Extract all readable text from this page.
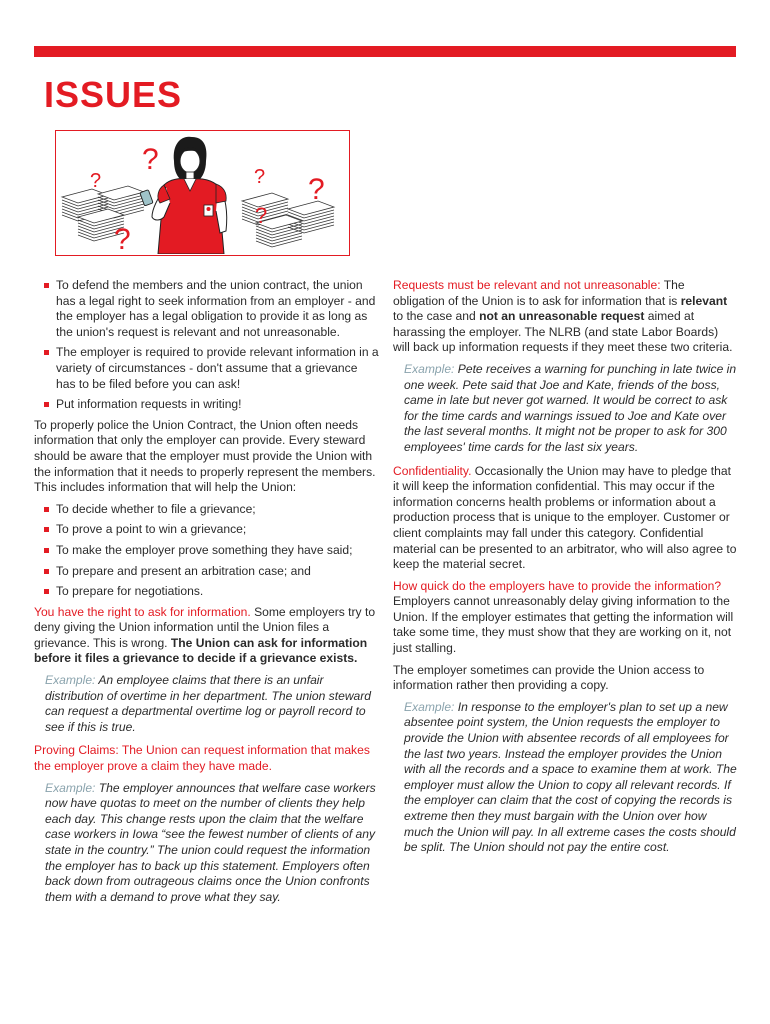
ISSUES
?
?
?
? ?
?
To defend the members and the union contract, the union has a legal right to seek information from an employer - and the employer has a legal obligation to provide it as long as the union's request is relevant and not unreasonable.
The employer is required to provide relevant information in a variety of circumstances - don't assume that a grievance has to be filed before you can ask!
Put information requests in writing!

To properly police the Union Contract, the Union often needs information that only the employer can provide. Every steward should be aware that the employer must provide the Union with the information that it needs to properly represent the members. This includes information that will help the Union:

To decide whether to file a grievance;
To prove a point to win a grievance;
To make the employer prove something they have said;
To prepare and present an arbitration case; and
To prepare for negotiations.

You have the right to ask for information. Some employers try to deny giving the Union information until the Union files a grievance. This is wrong. The Union can ask for information before it files a grievance to decide if a grievance exists.

Example: An employee claims that there is an unfair distribution of overtime in her department. The union steward can request a departmental overtime log or payroll record to see if this is true.

Proving Claims: The Union can request information that makes the employer prove a claim they have made.

Example: The employer announces that welfare case workers now have quotas to meet on the number of clients they help each day. This change rests upon the claim that the welfare case workers in Iowa “see the fewest number of clients of any state in the country.” The union could request the information the employer has to back up this statement. Employers often back down from outrageous claims once the Union confronts them with a demand to prove what they say.

Requests must be relevant and not unreasonable: The obligation of the Union is to ask for information that is relevant to the case and not an unreasonable request aimed at harassing the employer. The NLRB (and state Labor Boards) will back up information requests if they meet these two criteria.

Example: Pete receives a warning for punching in late twice in one week. Pete said that Joe and Kate, friends of the boss, came in late but never got warned. It would be correct to ask for the time cards and warnings issued to Joe and Kate over the last several months. It might not be proper to ask for 300 employees' time cards for the last six years.

Confidentiality. Occasionally the Union may have to pledge that it will keep the information confidential. This may occur if the information concerns health problems or information about a production process that is unique to the employer. Customer or client complaints may fall under this category. Confidential material can be presented to an arbitrator, who will also agree to keep the material secret.

How quick do the employers have to provide the information? Employers cannot unreasonably delay giving information to the Union. If the employer estimates that getting the information will take some time, they must show that they are working on it, not just stalling.

The employer sometimes can provide the Union access to information rather then providing a copy.

Example: In response to the employer's plan to set up a new absentee point system, the Union requests the employer to provide the Union with absentee records of all employees for the last two years. Instead the employer provides the Union with all the records and a space to examine them at work. The employer must allow the Union to copy all relevant records. If the employer can claim that the cost of copying the records is extreme then they must bargain with the Union over how much the Union will pay. In all extreme cases the costs should be split. The Union should not pay the entire cost.
